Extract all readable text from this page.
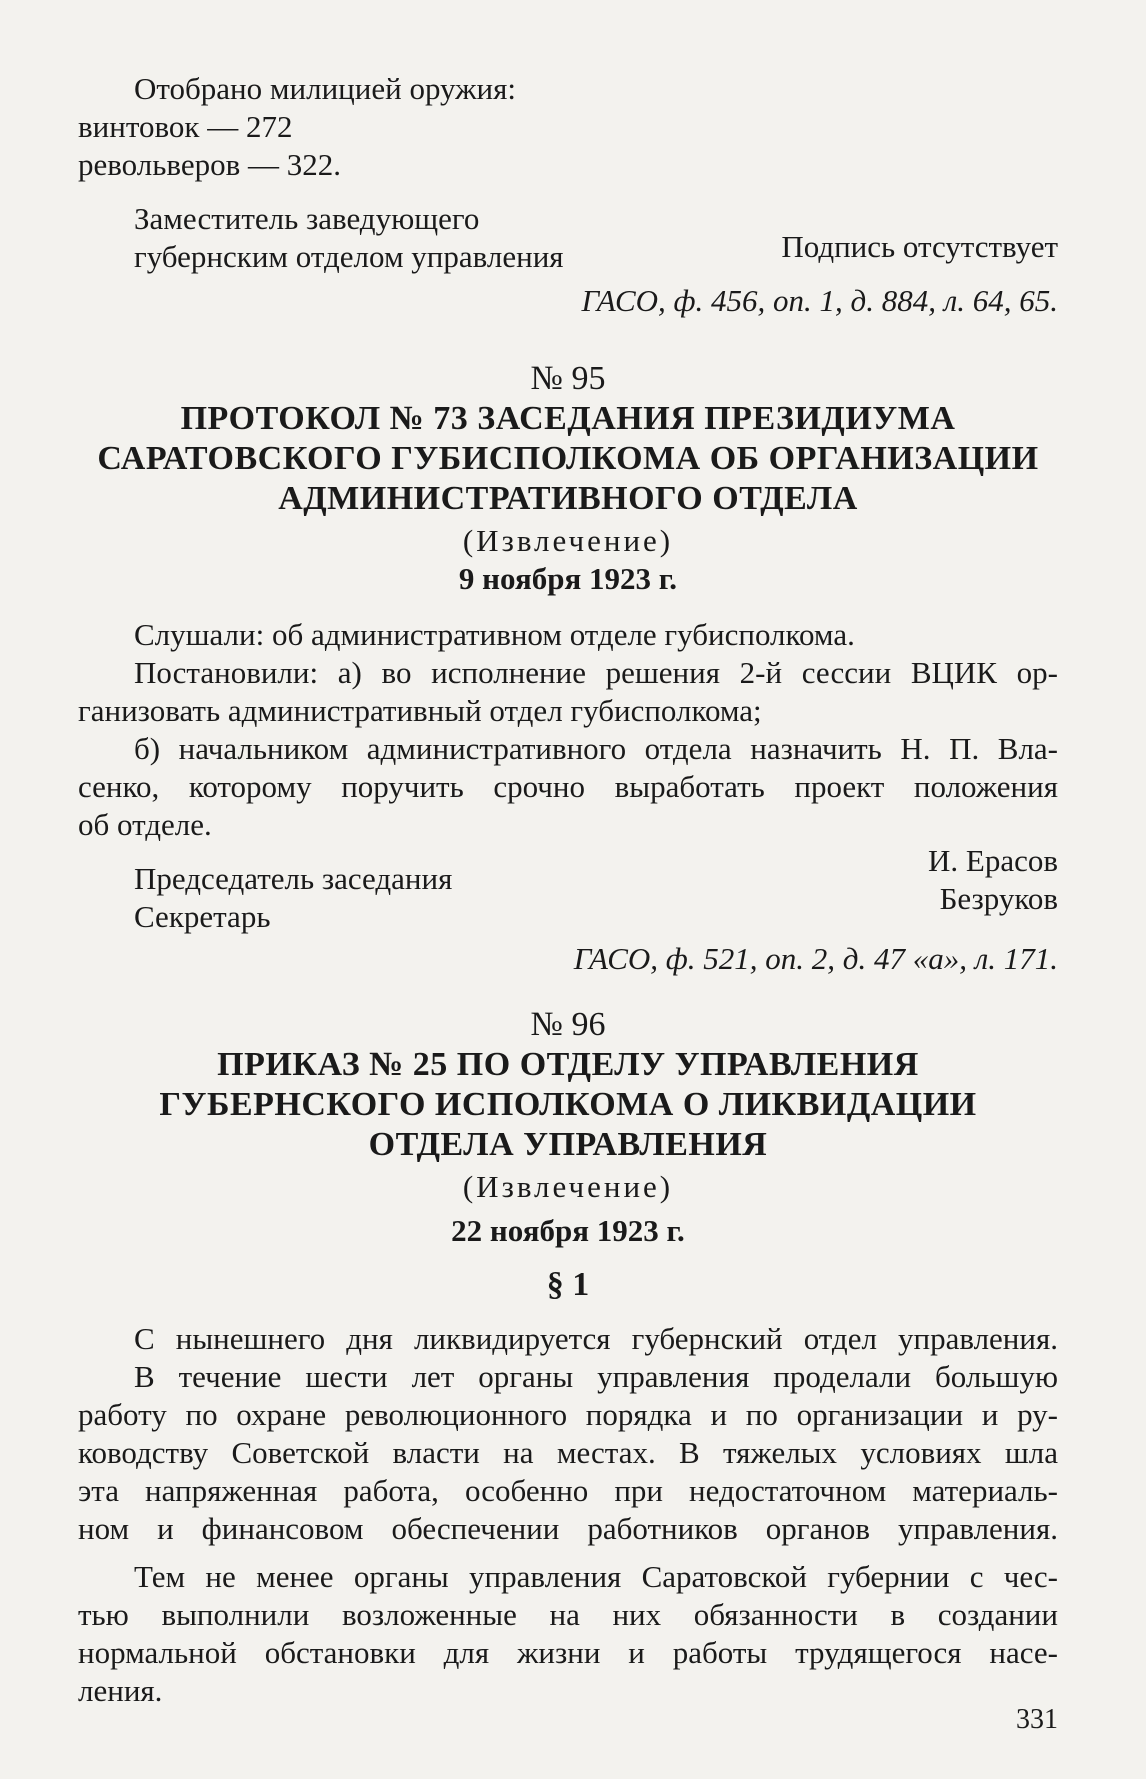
Отобрано милицией оружия:
винтовок — 272
револьверов — 322.
Заместитель заведующего
губернским отделом управления	Подпись отсутствует
ГАСО, ф. 456, оп. 1, д. 884, л. 64, 65.
№ 95
ПРОТОКОЛ № 73 ЗАСЕДАНИЯ ПРЕЗИДИУМА
САРАТОВСКОГО ГУБИСПОЛКОМА ОБ ОРГАНИЗАЦИИ
АДМИНИСТРАТИВНОГО ОТДЕЛА
(Извлечение)
9 ноября 1923 г.
Слушали: об административном отделе губисполкома.
Постановили: а) во исполнение решения 2-й сессии ВЦИК ор-
ганизовать административный отдел губисполкома;
б) начальником административного отдела назначить Н. П. Вла-
сенко, которому поручить срочно выработать проект положения
об отделе.
Председатель заседания
И. Ерасов
Безруков
Секретарь
ГАСО, ф. 521, оп. 2, д. 47 «а», л. 171.
№ 96
ПРИКАЗ № 25 ПО ОТДЕЛУ УПРАВЛЕНИЯ
ГУБЕРНСКОГО ИСПОЛКОМА О ЛИКВИДАЦИИ
ОТДЕЛА УПРАВЛЕНИЯ
(Извлечение)
22 ноября 1923 г.
§ 1
С нынешнего дня ликвидируется губернский отдел управления.
В течение шести лет органы управления проделали большую
работу по охране революционного порядка и по организации и ру-
ководству Советской власти на местах. В тяжелых условиях шла
эта напряженная работа, особенно при недостаточном материаль-
ном и финансовом обеспечении работников органов управления.
Тем не менее органы управления Саратовской губернии с чес-
тью выполнили возложенные на них обязанности в создании
нормальной обстановки для жизни и работы трудящегося насе-
ления.
331
